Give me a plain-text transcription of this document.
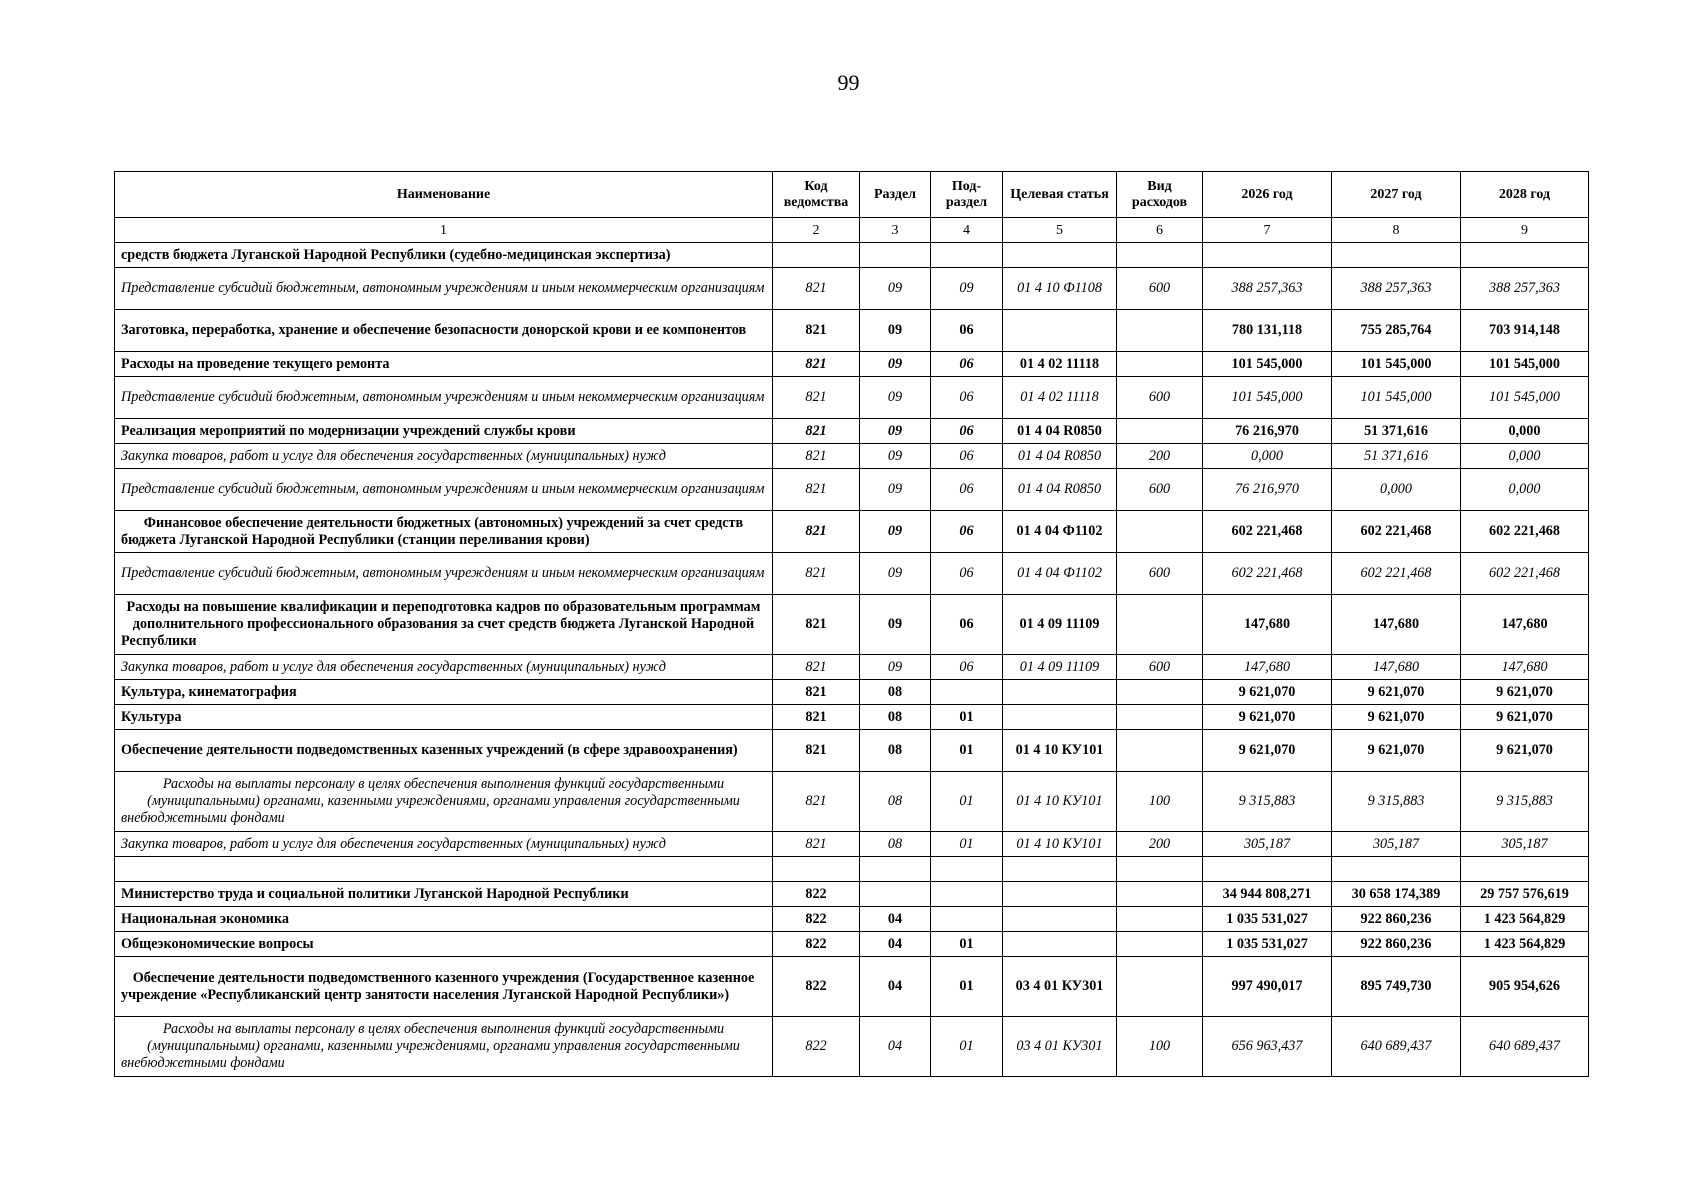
99
Наименование	Код ведомства	Раздел	Под-раздел	Целевая статья	Вид расходов	2026 год	2027 год	2028 год
1	2	3	4	5	6	7	8	9
средств бюджета Луганской Народной Республики (судебно-медицинская экспертиза)								
Представление субсидий бюджетным, автономным учреждениям и иным некоммерческим организациям	821	09	09	01 4 10 Ф1108	600	388 257,363	388 257,363	388 257,363
Заготовка, переработка, хранение и обеспечение безопасности донорской крови и ее компонентов	821	09	06			780 131,118	755 285,764	703 914,148
Расходы на проведение текущего ремонта	821	09	06	01 4 02 11118		101 545,000	101 545,000	101 545,000
Представление субсидий бюджетным, автономным учреждениям и иным некоммерческим организациям	821	09	06	01 4 02 11118	600	101 545,000	101 545,000	101 545,000
Реализация мероприятий по модернизации учреждений службы крови	821	09	06	01 4 04 R0850		76 216,970	51 371,616	0,000
Закупка товаров, работ и услуг для обеспечения государственных (муниципальных) нужд	821	09	06	01 4 04 R0850	200	0,000	51 371,616	0,000
Представление субсидий бюджетным, автономным учреждениям и иным некоммерческим организациям	821	09	06	01 4 04 R0850	600	76 216,970	0,000	0,000
Финансовое обеспечение деятельности бюджетных (автономных) учреждений за счет средств бюджета Луганской Народной Республики (станции переливания крови)	821	09	06	01 4 04 Ф1102		602 221,468	602 221,468	602 221,468
Представление субсидий бюджетным, автономным учреждениям и иным некоммерческим организациям	821	09	06	01 4 04 Ф1102	600	602 221,468	602 221,468	602 221,468
Расходы на повышение квалификации и переподготовка кадров по образовательным программам дополнительного профессионального образования за счет средств бюджета Луганской Народной Республики	821	09	06	01 4 09 11109		147,680	147,680	147,680
Закупка товаров, работ и услуг для обеспечения государственных (муниципальных) нужд	821	09	06	01 4 09 11109	600	147,680	147,680	147,680
Культура, кинематография	821	08				9 621,070	9 621,070	9 621,070
Культура	821	08	01			9 621,070	9 621,070	9 621,070
Обеспечение деятельности подведомственных казенных учреждений (в сфере здравоохранения)	821	08	01	01 4 10 КУ101		9 621,070	9 621,070	9 621,070
Расходы на выплаты персоналу в целях обеспечения выполнения функций государственными (муниципальными) органами, казенными учреждениями, органами управления государственными внебюджетными фондами	821	08	01	01 4 10 КУ101	100	9 315,883	9 315,883	9 315,883
Закупка товаров, работ и услуг для обеспечения государственных (муниципальных) нужд	821	08	01	01 4 10 КУ101	200	305,187	305,187	305,187

Министерство труда и социальной политики Луганской Народной Республики	822					34 944 808,271	30 658 174,389	29 757 576,619
Национальная экономика	822	04				1 035 531,027	922 860,236	1 423 564,829
Общеэкономические вопросы	822	04	01			1 035 531,027	922 860,236	1 423 564,829
Обеспечение деятельности подведомственного казенного учреждения (Государственное казенное учреждение «Республиканский центр занятости населения Луганской Народной Республики»)	822	04	01	03 4 01 КУ301		997 490,017	895 749,730	905 954,626
Расходы на выплаты персоналу в целях обеспечения выполнения функций государственными (муниципальными) органами, казенными учреждениями, органами управления государственными внебюджетными фондами	822	04	01	03 4 01 КУ301	100	656 963,437	640 689,437	640 689,437
